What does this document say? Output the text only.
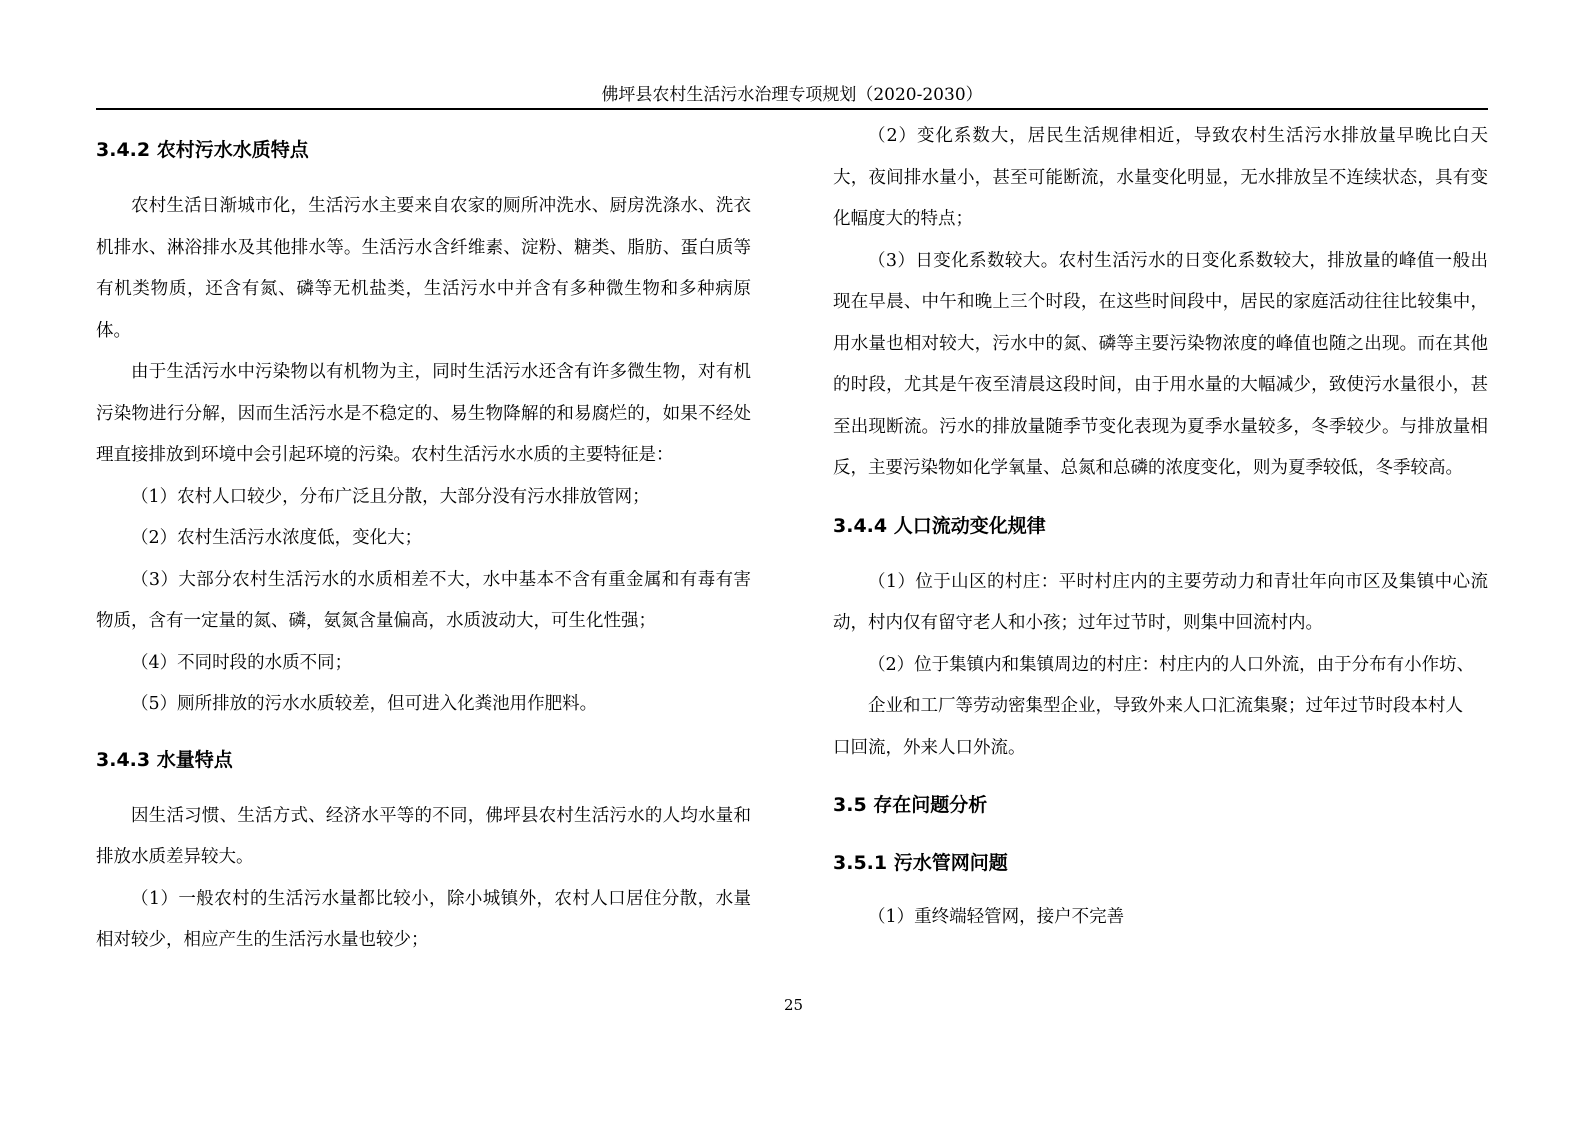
佛坪县农村生活污水治理专项规划（2020-2030）
3.4.2 农村污水水质特点

农村生活日渐城市化，生活污水主要来自农家的厕所冲洗水、厨房洗涤水、洗衣机排水、淋浴排水及其他排水等。生活污水含纤维素、淀粉、糖类、脂肪、蛋白质等有机类物质，还含有氮、磷等无机盐类，生活污水中并含有多种微生物和多种病原体。

由于生活污水中污染物以有机物为主，同时生活污水还含有许多微生物，对有机污染物进行分解，因而生活污水是不稳定的、易生物降解的和易腐烂的，如果不经处理直接排放到环境中会引起环境的污染。农村生活污水水质的主要特征是：

（1）农村人口较少，分布广泛且分散，大部分没有污水排放管网；

（2）农村生活污水浓度低，变化大；

（3）大部分农村生活污水的水质相差不大，水中基本不含有重金属和有毒有害物质，含有一定量的氮、磷，氨氮含量偏高，水质波动大，可生化性强；

（4）不同时段的水质不同；

（5）厕所排放的污水水质较差，但可进入化粪池用作肥料。

3.4.3 水量特点

因生活习惯、生活方式、经济水平等的不同，佛坪县农村生活污水的人均水量和排放水质差异较大。

（1）一般农村的生活污水量都比较小，除小城镇外，农村人口居住分散，水量相对较少，相应产生的生活污水量也较少；

（2）变化系数大，居民生活规律相近，导致农村生活污水排放量早晚比白天大，夜间排水量小，甚至可能断流，水量变化明显，无水排放呈不连续状态，具有变化幅度大的特点；

（3）日变化系数较大。农村生活污水的日变化系数较大，排放量的峰值一般出现在早晨、中午和晚上三个时段，在这些时间段中，居民的家庭活动往往比较集中，用水量也相对较大，污水中的氮、磷等主要污染物浓度的峰值也随之出现。而在其他的时段，尤其是午夜至清晨这段时间，由于用水量的大幅减少，致使污水量很小，甚至出现断流。污水的排放量随季节变化表现为夏季水量较多，冬季较少。与排放量相反，主要污染物如化学氧量、总氮和总磷的浓度变化，则为夏季较低，冬季较高。

3.4.4 人口流动变化规律

（1）位于山区的村庄：平时村庄内的主要劳动力和青壮年向市区及集镇中心流动，村内仅有留守老人和小孩；过年过节时，则集中回流村内。

（2）位于集镇内和集镇周边的村庄：村庄内的人口外流，由于分布有小作坊、

企业和工厂等劳动密集型企业，导致外来人口汇流集聚；过年过节时段本村人

口回流，外来人口外流。

3.5 存在问题分析
3.5.1 污水管网问题

（1）重终端轻管网，接户不完善

25
